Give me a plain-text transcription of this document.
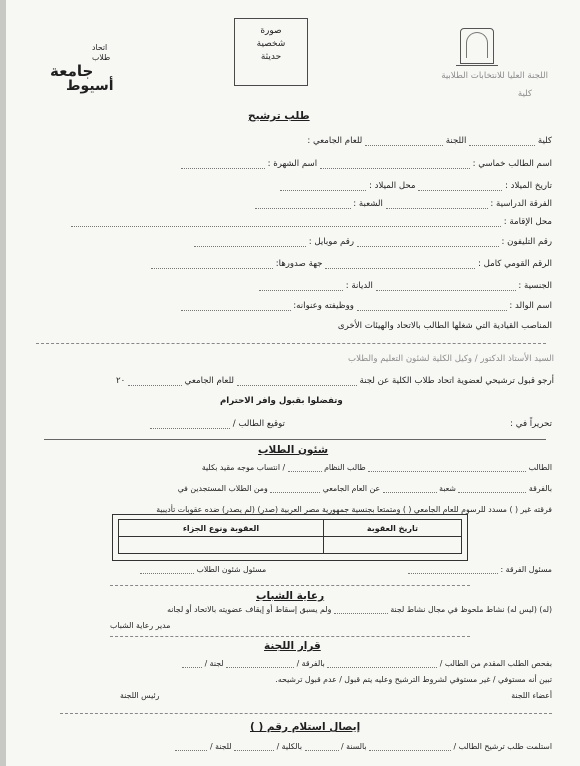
اتحاد
طلاب
جامعة
أسيوط
صورة
شخصية
حديثة
اللجنة العليا للانتخابات الطلابية
كلية
طلب ترشيح
كلية  اللجنة  للعام الجامعي :
اسم الطالب خماسي :  اسم الشهرة :
تاريخ الميلاد :  محل الميلاد :
الفرقة الدراسية :  الشعبة :
محل الإقامة :
رقم التليفون :  رقم موبايل :
الرقم القومي كامل :  جهة صدورها:
الجنسية :  الديانة :
اسم الوالد :  ووظيفته وعنوانه:
المناصب القيادية التي شغلها الطالب بالاتحاد والهيئات الأخرى
السيد الأستاذ الدكتور / وكيل الكلية لشئون التعليم والطلاب
أرجو قبول ترشيحي لعضوية اتحاد طلاب الكلية عن لجنة  للعام الجامعي  ٢٠
وتفضلوا بقبول وافر الاحترام
تحريراً في :
توقيع الطالب /
شئون الطلاب
الطالب  طالب النظام  / انتساب موجه مقيد بكلية
بالفرقة  شعبة  عن العام الجامعي  ومن الطلاب المستجدين في
فرقته غير ( ) مسدد للرسوم للعام الجامعي ( ) ومتمتعا بجنسية جمهورية مصر العربية (صدر) (لم يصدر) ضده عقوبات تأديبية
تاريخ العقوبة	العقوبة ونوع الجزاء

مسئول الفرقة :
مسئول شئون الطلاب
رعاية الشباب
(له) (ليس له) نشاط ملحوظ في مجال نشاط لجنة  ولم يسبق إسقاط أو إيقاف عضويته بالاتحاد أو لجانه
مدير رعاية الشباب
قرار اللجنة
بفحص الطلب المقدم من الطالب /  بالفرقة /  لجنة /
تبين أنه مستوفي / غير مستوفي لشروط الترشيح وعليه يتم قبول / عدم قبول ترشيحه.
أعضاء اللجنة
رئيس اللجنة
إيصال استلام رقم ( )
استلمت طلب ترشيح الطالب /  بالسنة /  بالكلية /  للجنة /
